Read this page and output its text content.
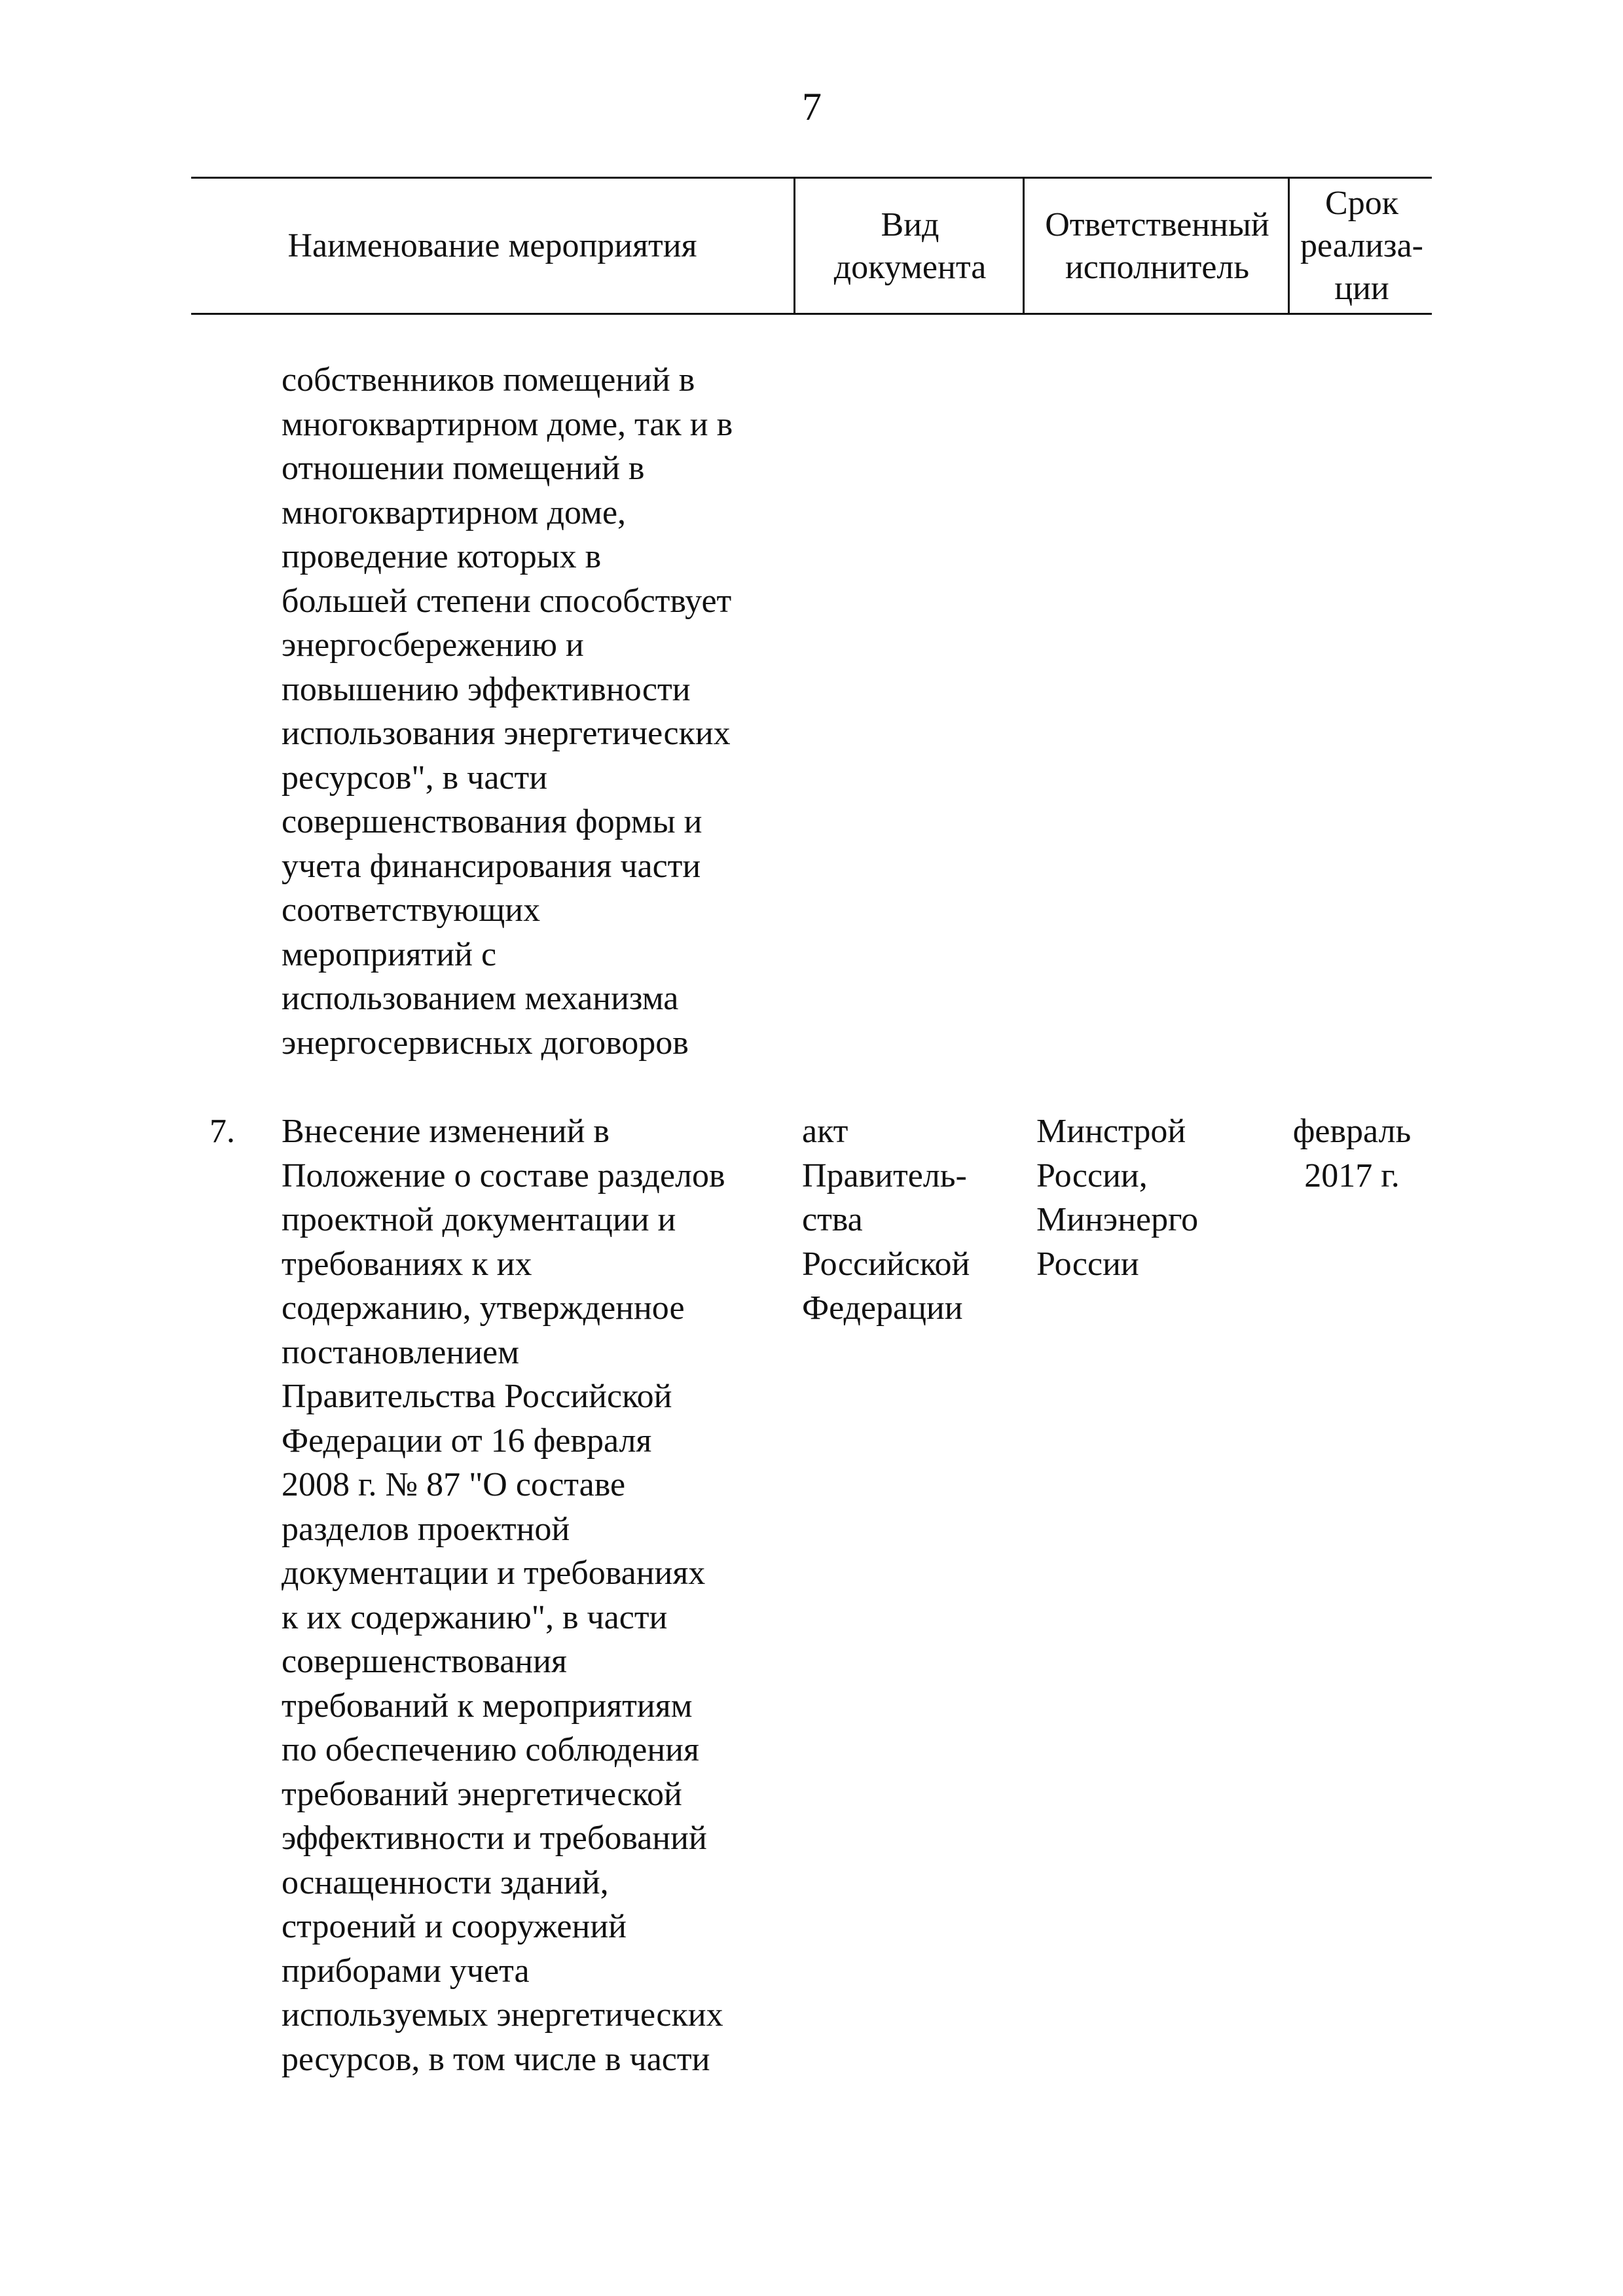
7
Наименование мероприятия
Вид
документа
Ответственный
исполнитель
Срок
реализа-
ции
собственников помещений в
многоквартирном доме, так и в
отношении помещений в
многоквартирном доме,
проведение которых в
большей степени способствует
энергосбережению и
повышению эффективности
использования энергетических
ресурсов", в части
совершенствования формы и
учета финансирования части
соответствующих
мероприятий с
использованием механизма
энергосервисных договоров
7. Внесение изменений в
Положение о составе разделов
проектной документации и
требованиях к их
содержанию, утвержденное
постановлением
Правительства Российской
Федерации от 16 февраля
2008 г. № 87 "О составе
разделов проектной
документации и требованиях
к их содержанию", в части
совершенствования
требований к мероприятиям
по обеспечению соблюдения
требований энергетической
эффективности и требований
оснащенности зданий,
строений и сооружений
приборами учета
используемых энергетических
ресурсов, в том числе в части
акт
Правитель-
ства
Российской
Федерации
Минстрой
России,
Минэнерго
России
февраль
2017 г.
